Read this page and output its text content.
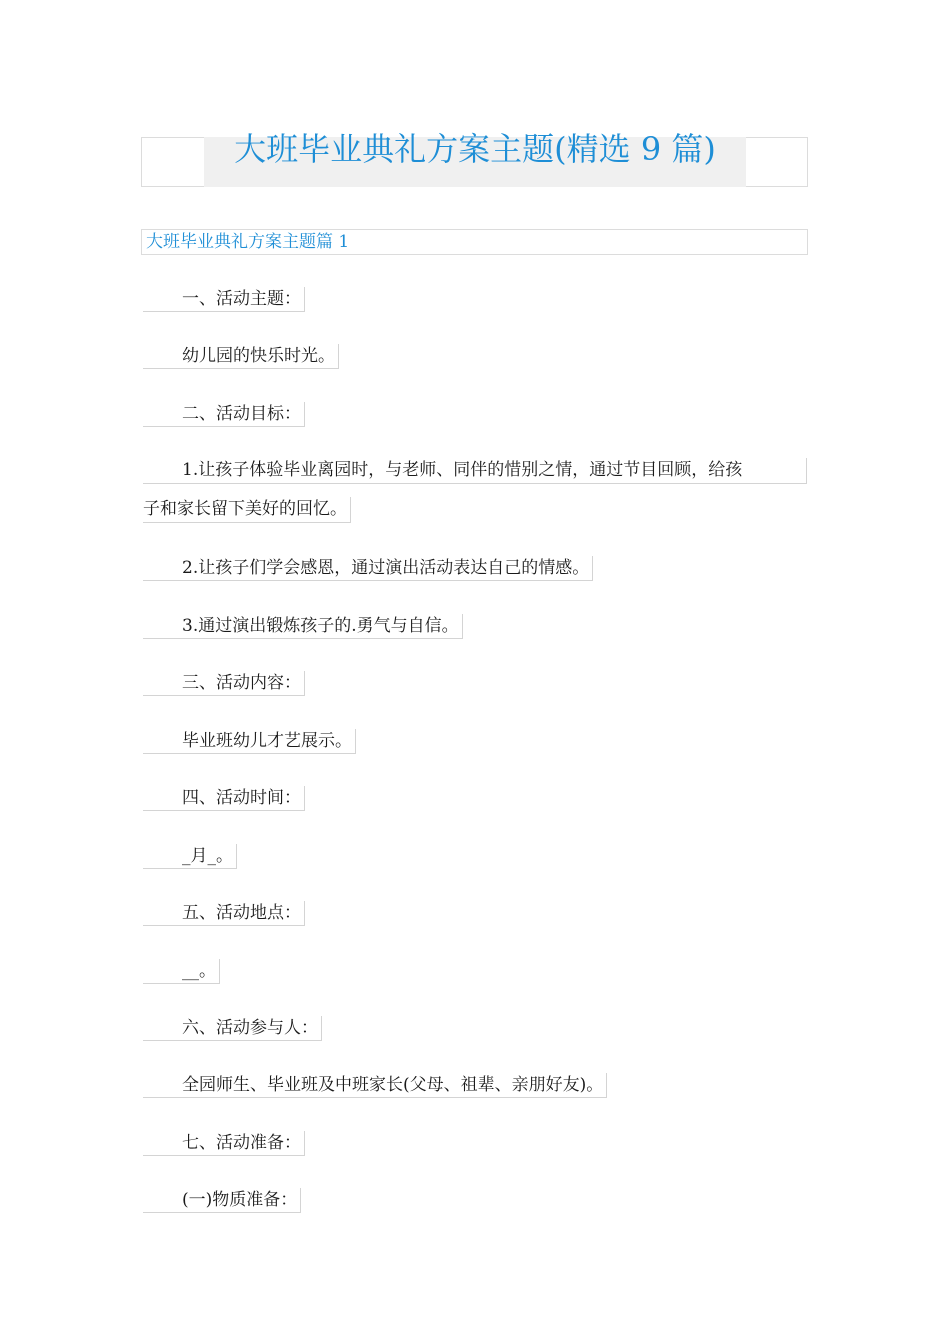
大班毕业典礼方案主题(精选 9 篇)
大班毕业典礼方案主题篇 1
一、活动主题：
幼儿园的快乐时光。
二、活动目标：
1.让孩子体验毕业离园时，与老师、同伴的惜别之情，通过节目回顾，给孩
子和家长留下美好的回忆。
2.让孩子们学会感恩，通过演出活动表达自己的情感。
3.通过演出锻炼孩子的.勇气与自信。
三、活动内容：
毕业班幼儿才艺展示。
四、活动时间：
_月_。
五、活动地点：
__。
六、活动参与人：
全园师生、毕业班及中班家长(父母、祖辈、亲朋好友)。
七、活动准备：
(一)物质准备：
